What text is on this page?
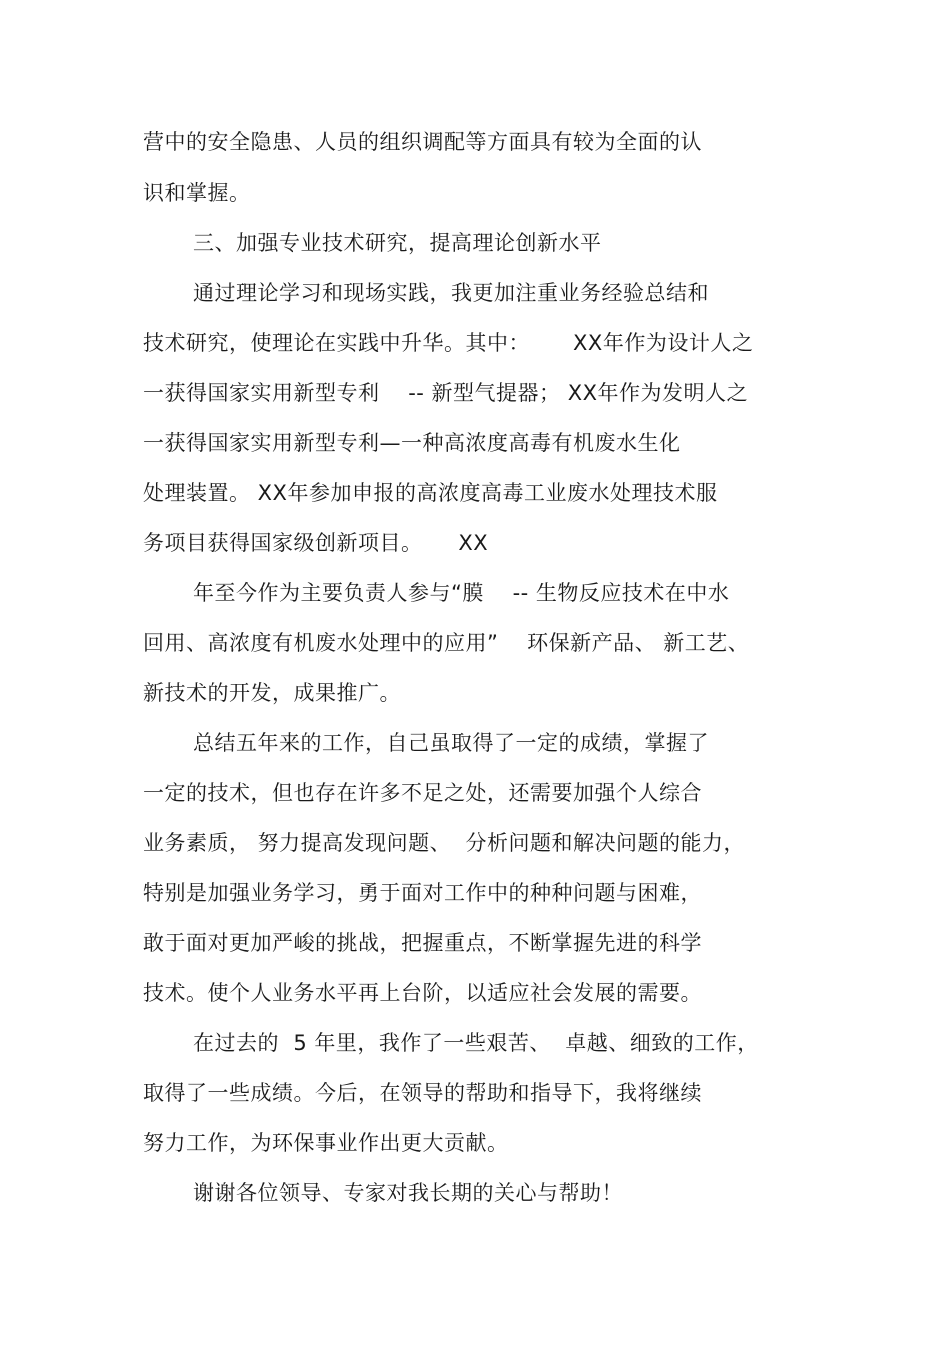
营中的安全隐患、人员的组织调配等方面具有较为全面的认
识和掌握。
三、加强专业技术研究，提高理论创新水平
通过理论学习和现场实践，我更加注重业务经验总结和
技术研究，使理论在实践中升华。其中：      XX年作为设计人之
一获得国家实用新型专利    -- 新型气提器； XX年作为发明人之
一获得国家实用新型专利—一种高浓度高毒有机废水生化
处理装置。 XX年参加申报的高浓度高毒工业废水处理技术服
务项目获得国家级创新项目。     XX
年至今作为主要负责人参与“膜    -- 生物反应技术在中水
回用、高浓度有机废水处理中的应用”    环保新产品、 新工艺、
新技术的开发，成果推广。
总结五年来的工作，自己虽取得了一定的成绩，掌握了
一定的技术，但也存在许多不足之处，还需要加强个人综合
业务素质， 努力提高发现问题、  分析问题和解决问题的能力，
特别是加强业务学习，勇于面对工作中的种种问题与困难，
敢于面对更加严峻的挑战，把握重点，不断掌握先进的科学
技术。使个人业务水平再上台阶，以适应社会发展的需要。
在过去的  5 年里，我作了一些艰苦、  卓越、细致的工作，
取得了一些成绩。今后，在领导的帮助和指导下，我将继续
努力工作，为环保事业作出更大贡献。
谢谢各位领导、专家对我长期的关心与帮助！
